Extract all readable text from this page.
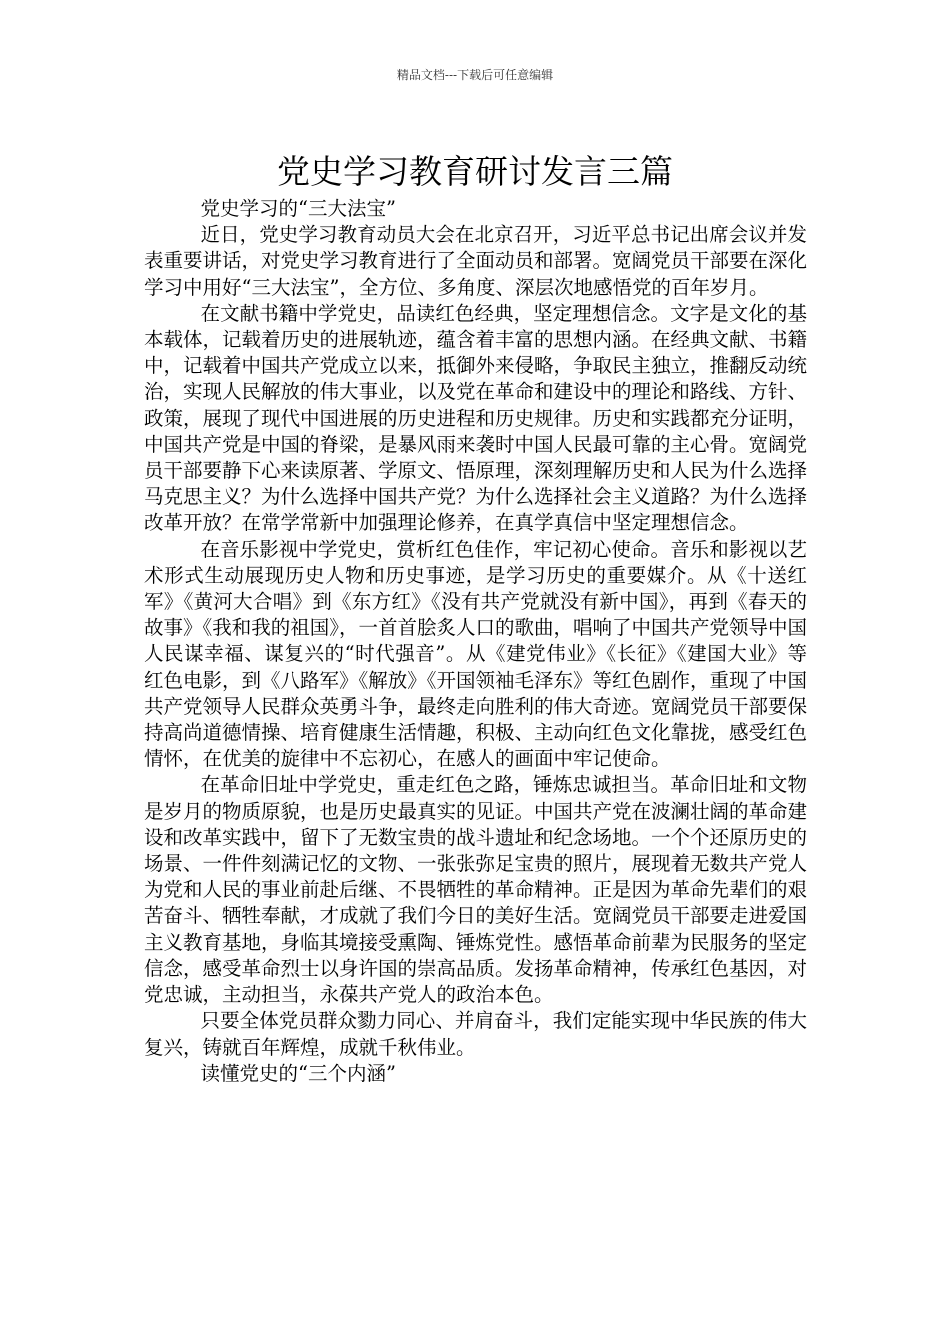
精品文档---下载后可任意编辑
党史学习教育研讨发言三篇

党史学习的“三大法宝”

近日，党史学习教育动员大会在北京召开，习近平总书记出席会议并发表重要讲话，对党史学习教育进行了全面动员和部署。宽阔党员干部要在深化学习中用好“三大法宝”，全方位、多角度、深层次地感悟党的百年岁月。

在文献书籍中学党史，品读红色经典，坚定理想信念。文字是文化的基本载体，记载着历史的进展轨迹，蕴含着丰富的思想内涵。在经典文献、书籍中，记载着中国共产党成立以来，抵御外来侵略，争取民主独立，推翻反动统治，实现人民解放的伟大事业，以及党在革命和建设中的理论和路线、方针、政策，展现了现代中国进展的历史进程和历史规律。历史和实践都充分证明，中国共产党是中国的脊梁，是暴风雨来袭时中国人民最可靠的主心骨。宽阔党员干部要静下心来读原著、学原文、悟原理，深刻理解历史和人民为什么选择马克思主义？为什么选择中国共产党？为什么选择社会主义道路？为什么选择改革开放？在常学常新中加强理论修养，在真学真信中坚定理想信念。

在音乐影视中学党史，赏析红色佳作，牢记初心使命。音乐和影视以艺术形式生动展现历史人物和历史事迹，是学习历史的重要媒介。从《十送红军》《黄河大合唱》到《东方红》《没有共产党就没有新中国》，再到《春天的故事》《我和我的祖国》，一首首脍炙人口的歌曲，唱响了中国共产党领导中国人民谋幸福、谋复兴的“时代强音”。从《建党伟业》《长征》《建国大业》等红色电影，到《八路军》《解放》《开国领袖毛泽东》等红色剧作，重现了中国共产党领导人民群众英勇斗争，最终走向胜利的伟大奇迹。宽阔党员干部要保持高尚道德情操、培育健康生活情趣，积极、主动向红色文化靠拢，感受红色情怀，在优美的旋律中不忘初心，在感人的画面中牢记使命。

在革命旧址中学党史，重走红色之路，锤炼忠诚担当。革命旧址和文物是岁月的物质原貌，也是历史最真实的见证。中国共产党在波澜壮阔的革命建设和改革实践中，留下了无数宝贵的战斗遗址和纪念场地。一个个还原历史的场景、一件件刻满记忆的文物、一张张弥足宝贵的照片，展现着无数共产党人为党和人民的事业前赴后继、不畏牺牲的革命精神。正是因为革命先辈们的艰苦奋斗、牺牲奉献，才成就了我们今日的美好生活。宽阔党员干部要走进爱国主义教育基地，身临其境接受熏陶、锤炼党性。感悟革命前辈为民服务的坚定信念，感受革命烈士以身许国的崇高品质。发扬革命精神，传承红色基因，对党忠诚，主动担当，永葆共产党人的政治本色。

只要全体党员群众勠力同心、并肩奋斗，我们定能实现中华民族的伟大复兴，铸就百年辉煌，成就千秋伟业。

读懂党史的“三个内涵”
